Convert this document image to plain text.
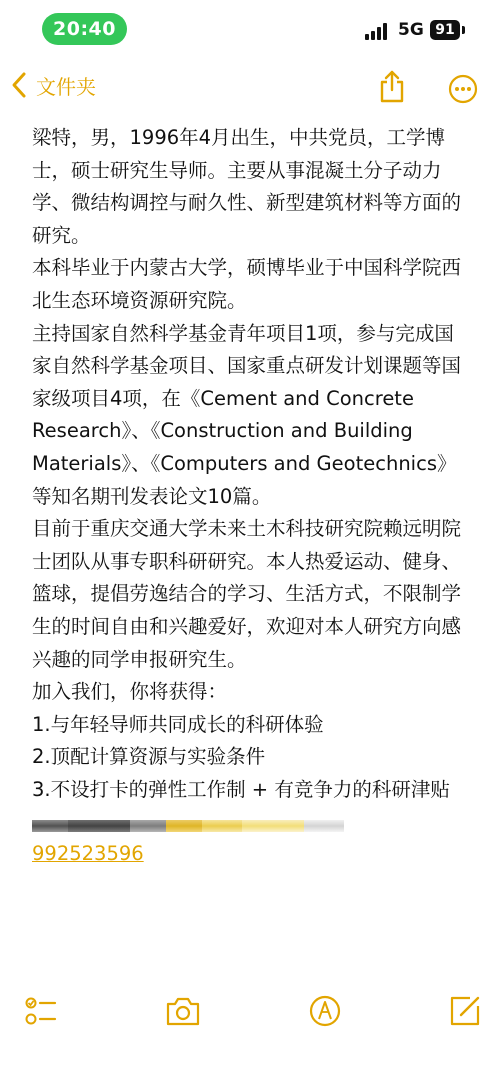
20:40	5G 91
文件夹

梁特，男，1996年4月出生，中共党员，工学博士，硕士研究生导师。主要从事混凝土分子动力学、微结构调控与耐久性、新型建筑材料等方面的研究。

本科毕业于内蒙古大学，硕博毕业于中国科学院西北生态环境资源研究院。

主持国家自然科学基金青年项目1项，参与完成国家自然科学基金项目、国家重点研发计划课题等国家级项目4项，在《Cement and Concrete Research》、《Construction and Building Materials》、《Computers and Geotechnics》等知名期刊发表论文10篇。

目前于重庆交通大学未来土木科技研究院赖远明院士团队从事专职科研研究。本人热爱运动、健身、篮球，提倡劳逸结合的学习、生活方式，不限制学生的时间自由和兴趣爱好，欢迎对本人研究方向感兴趣的同学申报研究生。

加入我们，你将获得：

1.与年轻导师共同成长的科研体验

2.顶配计算资源与实验条件

3.不设打卡的弹性工作制 + 有竞争力的科研津贴

992523596
